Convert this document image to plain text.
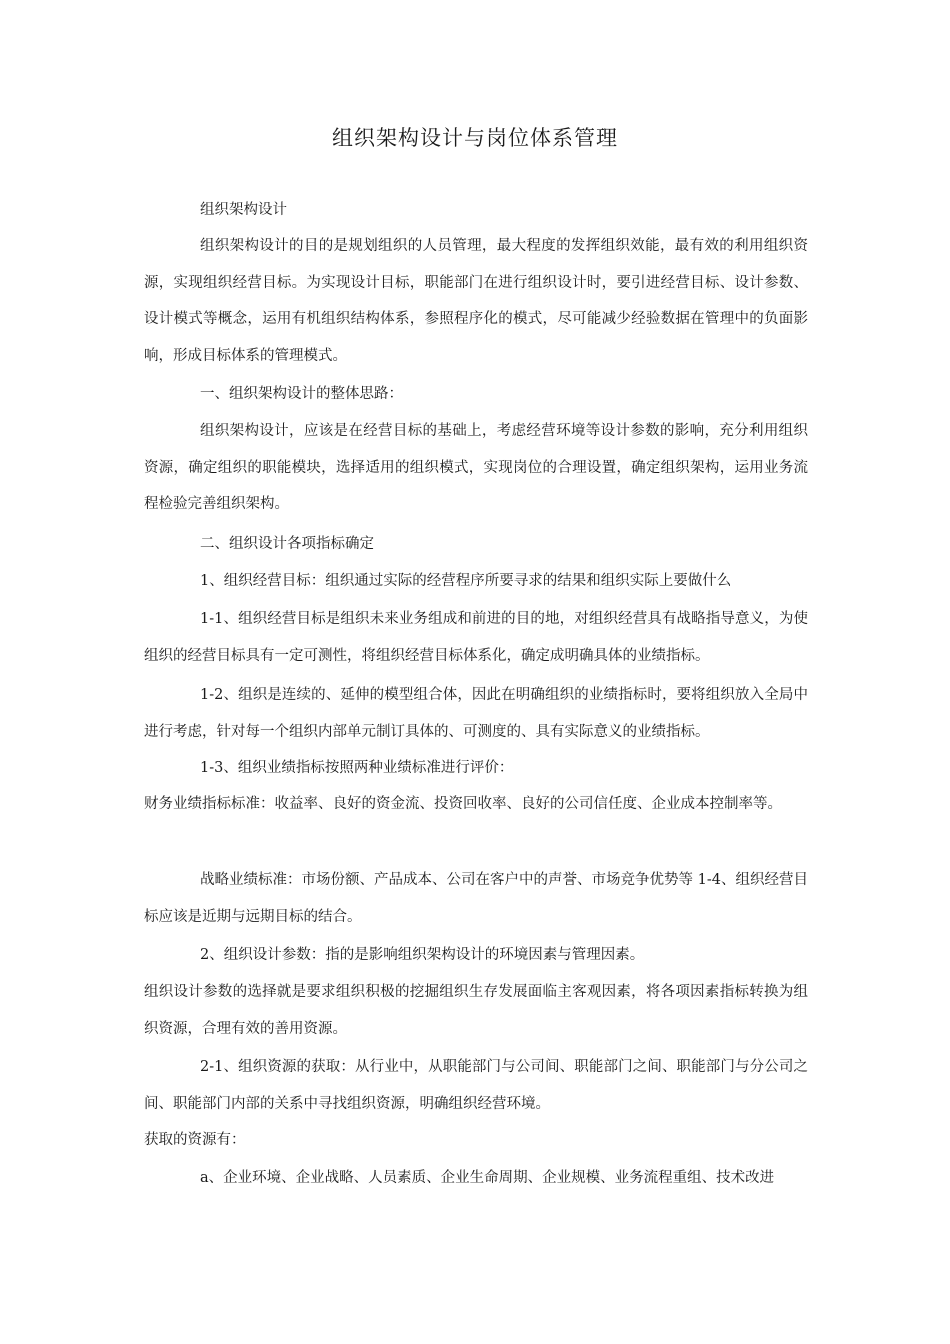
组织架构设计与岗位体系管理

组织架构设计

组织架构设计的目的是规划组织的人员管理，最大程度的发挥组织效能，最有效的利用组织资源，实现组织经营目标。为实现设计目标，职能部门在进行组织设计时，要引进经营目标、设计参数、设计模式等概念，运用有机组织结构体系，参照程序化的模式，尽可能减少经验数据在管理中的负面影响，形成目标体系的管理模式。

一、组织架构设计的整体思路：

组织架构设计，应该是在经营目标的基础上，考虑经营环境等设计参数的影响，充分利用组织资源，确定组织的职能模块，选择适用的组织模式，实现岗位的合理设置，确定组织架构，运用业务流程检验完善组织架构。

二、组织设计各项指标确定

1、组织经营目标：组织通过实际的经营程序所要寻求的结果和组织实际上要做什么

1-1、组织经营目标是组织未来业务组成和前进的目的地，对组织经营具有战略指导意义，为使组织的经营目标具有一定可测性，将组织经营目标体系化，确定成明确具体的业绩指标。

1-2、组织是连续的、延伸的模型组合体，因此在明确组织的业绩指标时，要将组织放入全局中进行考虑，针对每一个组织内部单元制订具体的、可测度的、具有实际意义的业绩指标。

1-3、组织业绩指标按照两种业绩标准进行评价：

财务业绩指标标准：收益率、良好的资金流、投资回收率、良好的公司信任度、企业成本控制率等。

战略业绩标准：市场份额、产品成本、公司在客户中的声誉、市场竞争优势等 1-4、组织经营目标应该是近期与远期目标的结合。

2、组织设计参数：指的是影响组织架构设计的环境因素与管理因素。

组织设计参数的选择就是要求组织积极的挖掘组织生存发展面临主客观因素，将各项因素指标转换为组织资源，合理有效的善用资源。

2-1、组织资源的获取：从行业中，从职能部门与公司间、职能部门之间、职能部门与分公司之间、职能部门内部的关系中寻找组织资源，明确组织经营环境。

获取的资源有：

a、企业环境、企业战略、人员素质、企业生命周期、企业规模、业务流程重组、技术改进
